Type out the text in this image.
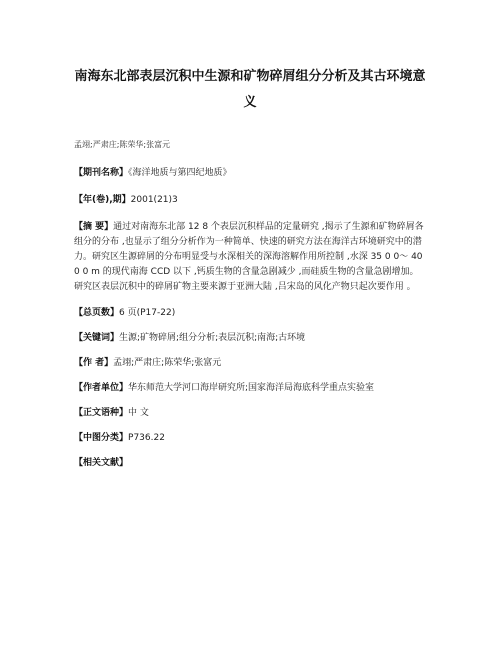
南海东北部表层沉积中生源和矿物碎屑组分分析及其古环境意义
孟翊;严肃庄;陈荣华;张富元
【期刊名称】《海洋地质与第四纪地质》
【年(卷),期】2001(21)3
【摘 要】通过对南海东北部 12 8 个表层沉积样品的定量研究 ,揭示了生源和矿物碎屑各组分的分布 ,也显示了组分分析作为一种简单、快速的研究方法在海洋古环境研究中的潜力。研究区生源碎屑的分布明显受与水深相关的深海溶解作用所控制 ,水深 35 0 0～ 40 0 0 m 的现代南海 CCD 以下 ,钙质生物的含量急剧减少 ,而硅质生物的含量急剧增加。研究区表层沉积中的碎屑矿物主要来源于亚洲大陆 ,吕宋岛的风化产物只起次要作用 。
【总页数】6 页(P17-22)
【关键词】生源;矿物碎屑;组分分析;表层沉积;南海;古环境
【作 者】孟翊;严肃庄;陈荣华;张富元
【作者单位】华东师范大学河口海岸研究所;国家海洋局海底科学重点实验室
【正文语种】中 文
【中图分类】P736.22
【相关文献】
